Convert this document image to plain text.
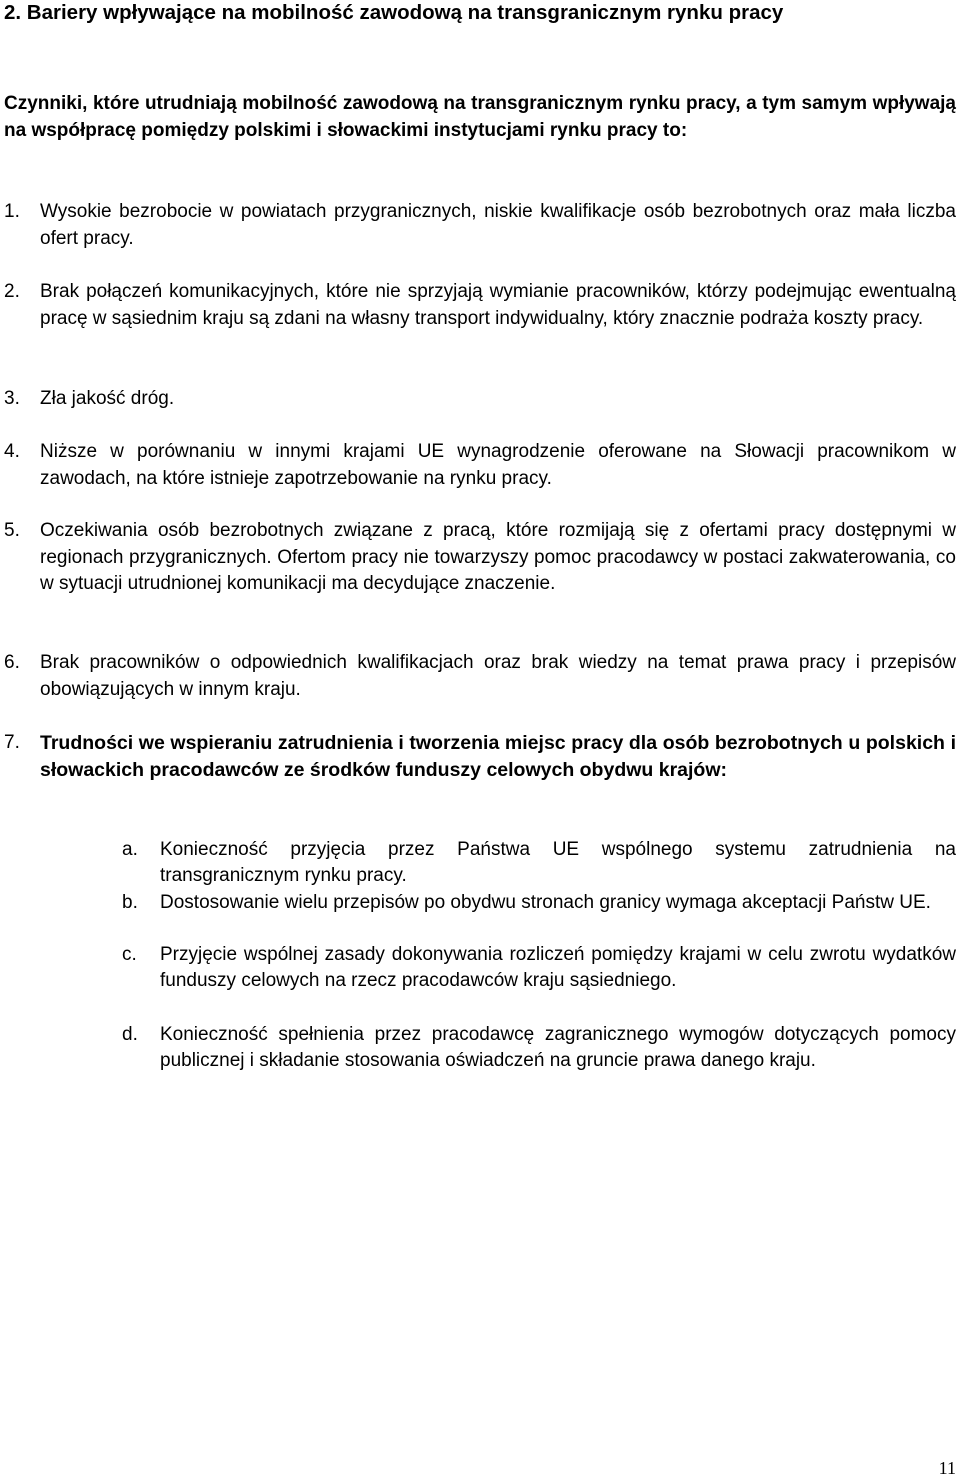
2. Bariery wpływające na mobilność zawodową na transgranicznym rynku pracy

Czynniki, które utrudniają mobilność zawodową na transgranicznym rynku pracy, a tym samym wpływają na współpracę pomiędzy polskimi i słowackimi instytucjami rynku pracy to:

1.	Wysokie bezrobocie w powiatach przygranicznych, niskie kwalifikacje osób bezrobotnych oraz mała liczba ofert pracy.
2.	Brak połączeń komunikacyjnych, które nie sprzyjają wymianie pracowników, którzy podejmując ewentualną pracę w sąsiednim kraju są zdani na własny transport indywidualny, który znacznie podraża koszty pracy.
3.	Zła jakość dróg.
4.	Niższe w porównaniu w innymi krajami UE wynagrodzenie oferowane na Słowacji pracownikom w zawodach, na które istnieje zapotrzebowanie na rynku pracy.
5.	Oczekiwania osób bezrobotnych związane z pracą, które rozmijają się z ofertami pracy dostępnymi w regionach przygranicznych. Ofertom pracy nie towarzyszy pomoc pracodawcy w postaci zakwaterowania, co w sytuacji utrudnionej komunikacji ma decydujące znaczenie.
6.	Brak pracowników o odpowiednich kwalifikacjach oraz brak wiedzy na temat prawa pracy i przepisów obowiązujących w innym kraju.
7.	Trudności we wspieraniu zatrudnienia i tworzenia miejsc pracy dla osób bezrobotnych u polskich i słowackich pracodawców ze środków funduszy celowych obydwu krajów:
a.	Konieczność przyjęcia przez Państwa UE wspólnego systemu zatrudnienia na transgranicznym rynku pracy.
b.	Dostosowanie wielu przepisów po obydwu stronach granicy wymaga akceptacji Państw UE.
c.	Przyjęcie wspólnej zasady dokonywania rozliczeń pomiędzy krajami w celu zwrotu wydatków funduszy celowych na rzecz pracodawców kraju sąsiedniego.
d.	Konieczność spełnienia przez pracodawcę zagranicznego wymogów dotyczących pomocy publicznej i składanie stosowania oświadczeń na gruncie prawa danego kraju.
11
